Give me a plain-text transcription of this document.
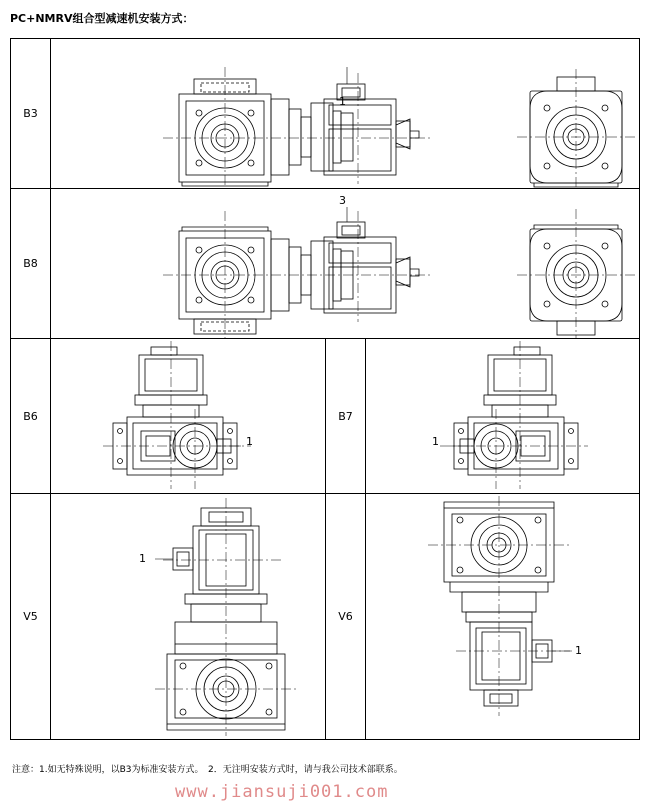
PC+NMRV组合型减速机安装方式：
B3
1
B8
3
B6
1
B7
1
V5
1
V6
1
注意：1.如无特殊说明，以B3为标准安装方式。　2．无注明安装方式时，请与我公司技术部联系。
www.jiansuji001.com
